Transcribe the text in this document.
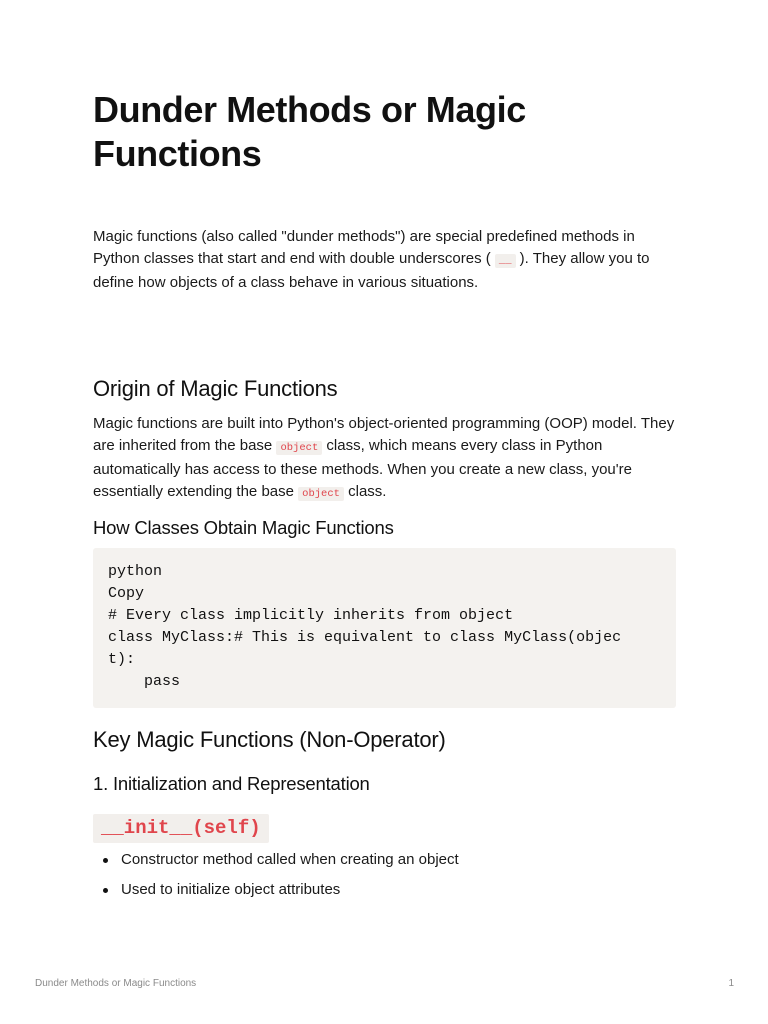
Dunder Methods or Magic Functions

Magic functions (also called "dunder methods") are special predefined methods in Python classes that start and end with double underscores ( __ ). They allow you to define how objects of a class behave in various situations.

Origin of Magic Functions

Magic functions are built into Python's object-oriented programming (OOP) model. They are inherited from the base object class, which means every class in Python automatically has access to these methods. When you create a new class, you're essentially extending the base object class.

How Classes Obtain Magic Functions
python
Copy
# Every class implicitly inherits from object
class MyClass:# This is equivalent to class MyClass(objec
t):
pass
Key Magic Functions (Non-Operator)
1. Initialization and Representation
__init__(self)
Constructor method called when creating an object
Used to initialize object attributes
Dunder Methods or Magic Functions	1
